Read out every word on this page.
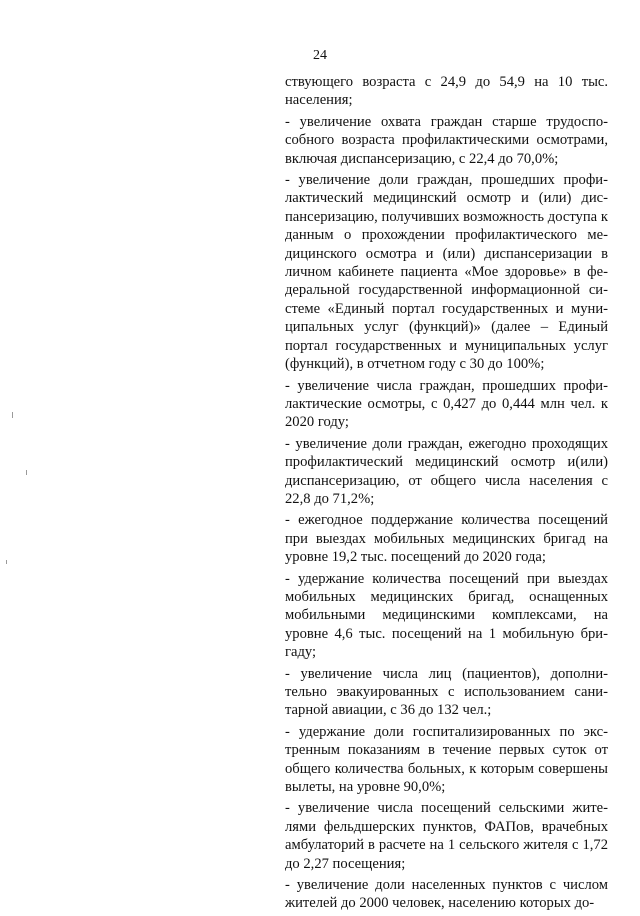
24

ствующего возраста с 24,9 до 54,9 на 10 тыс. населения;

- увеличение охвата граждан старше трудоспособного возраста профилактическими осмотрами, включая диспансеризацию, с 22,4 до 70,0%;

- увеличение доли граждан, прошедших профилактический медицинский осмотр и (или) диспансеризацию, получивших возможность доступа к данным о прохождении профилактического медицинского осмотра и (или) диспансеризации в личном кабинете пациента «Мое здоровье» в федеральной государственной информационной системе «Единый портал государственных и муниципальных услуг (функций)» (далее – Единый портал государственных и муниципальных услуг (функций), в отчетном году с 30 до 100%;

- увеличение числа граждан, прошедших профилактические осмотры, с 0,427 до 0,444 млн чел. к 2020 году;

- увеличение доли граждан, ежегодно проходящих профилактический медицинский осмотр и(или) диспансеризацию, от общего числа населения с 22,8 до 71,2%;

- ежегодное поддержание количества посещений при выездах мобильных медицинских бригад на уровне 19,2 тыс. посещений до 2020 года;

- удержание количества посещений при выездах мобильных медицинских бригад, оснащенных мобильными медицинскими комплексами, на уровне 4,6 тыс. посещений на 1 мобильную бригаду;

- увеличение числа лиц (пациентов), дополнительно эвакуированных с использованием санитарной авиации, с 36 до 132 чел.;

- удержание доли госпитализированных по экстренным показаниям в течение первых суток от общего количества больных, к которым совершены вылеты, на уровне 90,0%;

- увеличение числа посещений сельскими жителями фельдшерских пунктов, ФАПов, врачебных амбулаторий в расчете на 1 сельского жителя с 1,72 до 2,27 посещения;

- увеличение доли населенных пунктов с числом жителей до 2000 человек, населению которых до-
